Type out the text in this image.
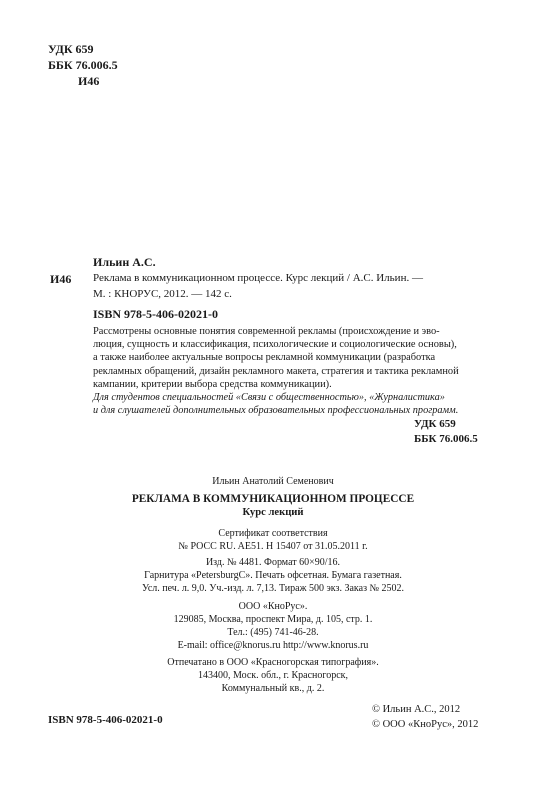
УДК 659
ББК 76.006.5
И46
Ильин А.С.
И46 Реклама в коммуникационном процессе. Курс лекций / А.С. Ильин. —
М. : КНОРУС, 2012. — 142 с.
ISBN 978-5-406-02021-0
Рассмотрены основные понятия современной рекламы (происхождение и эво-
люция, сущность и классификация, психологические и социологические основы),
а также наиболее актуальные вопросы рекламной коммуникации (разработка
рекламных обращений, дизайн рекламного макета, стратегия и тактика рекламной
кампании, критерии выбора средства коммуникации).
Для студентов специальностей «Связи с общественностью», «Журналистика»
и для слушателей дополнительных образовательных профессиональных программ.
УДК 659
ББК 76.006.5
Ильин Анатолий Семенович
РЕКЛАМА В КОММУНИКАЦИОННОМ ПРОЦЕССЕ
Курс лекций
Сертификат соответствия
№ РОСС RU. AE51. H 15407 от 31.05.2011 г.
Изд. № 4481. Формат 60×90/16.
Гарнитура «PetersburgC». Печать офсетная. Бумага газетная.
Усл. печ. л. 9,0. Уч.-изд. л. 7,13. Тираж 500 экз. Заказ № 2502.
ООО «КноРус».
129085, Москва, проспект Мира, д. 105, стр. 1.
Тел.: (495) 741-46-28.
E-mail: office@knorus.ru http://www.knorus.ru
Отпечатано в ООО «Красногорская типография».
143400, Моск. обл., г. Красногорск,
Коммунальный кв., д. 2.
ISBN 978-5-406-02021-0
© Ильин А.С., 2012
© ООО «КноРус», 2012
